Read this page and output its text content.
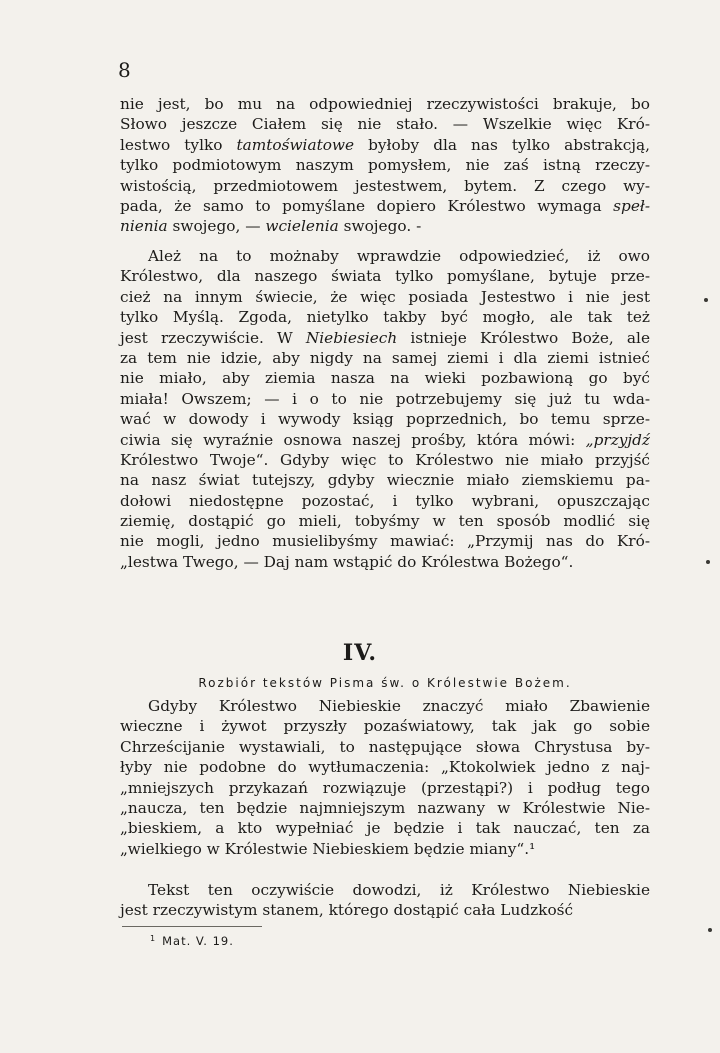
8
nie jest, bo mu na odpowiedniej rzeczywistości brakuje, bo
Słowo jeszcze Ciałem się nie stało. — Wszelkie więc Kró-
lestwo tylko tamtoświatowe byłoby dla nas tylko abstrakcją,
tylko podmiotowym naszym pomysłem, nie zaś istną rzeczy-
wistością, przedmiotowem jestestwem, bytem. Z czego wy-
pada, że samo to pomyślane dopiero Królestwo wymaga speł-
nienia swojego, — wcielenia swojego. -
Ależ na to możnaby wprawdzie odpowiedzieć, iż owo
Królestwo, dla naszego świata tylko pomyślane, bytuje prze-
cież na innym świecie, że więc posiada Jestestwo i nie jest
tylko Myślą. Zgoda, nietylko takby być mogło, ale tak też
jest rzeczywiście. W Niebiesiech istnieje Królestwo Boże, ale
za tem nie idzie, aby nigdy na samej ziemi i dla ziemi istnieć
nie miało, aby ziemia nasza na wieki pozbawioną go być
miała! Owszem; — i o to nie potrzebujemy się już tu wda-
wać w dowody i wywody ksiąg poprzednich, bo temu sprze-
ciwia się wyraźnie osnowa naszej prośby, która mówi: „przyjdź
Królestwo Twoje“. Gdyby więc to Królestwo nie miało przyjść
na nasz świat tutejszy, gdyby wiecznie miało ziemskiemu pa-
dołowi niedostępne pozostać, i tylko wybrani, opuszczając
ziemię, dostąpić go mieli, tobyśmy w ten sposób modlić się
nie mogli, jedno musielibyśmy mawiać: „Przymij nas do Kró-
„lestwa Twego, — Daj nam wstąpić do Królestwa Bożego“.
IV.
Rozbiór tekstów Pisma św. o Królestwie Bożem.
Gdyby Królestwo Niebieskie znaczyć miało Zbawienie
wieczne i żywot przyszły pozaświatowy, tak jak go sobie
Chrześcijanie wystawiali, to następujące słowa Chrystusa by-
łyby nie podobne do wytłumaczenia: „Ktokolwiek jedno z naj-
„mniejszych przykazań rozwiązuje (przestąpi?) i podług tego
„naucza, ten będzie najmniejszym nazwany w Królestwie Nie-
„bieskiem, a kto wypełniać je będzie i tak nauczać, ten za
„wielkiego w Królestwie Niebieskiem będzie miany“.¹
Tekst ten oczywiście dowodzi, iż Królestwo Niebieskie
jest rzeczywistym stanem, którego dostąpić cała Ludzkość
$^1$ Mat. V. 19.
